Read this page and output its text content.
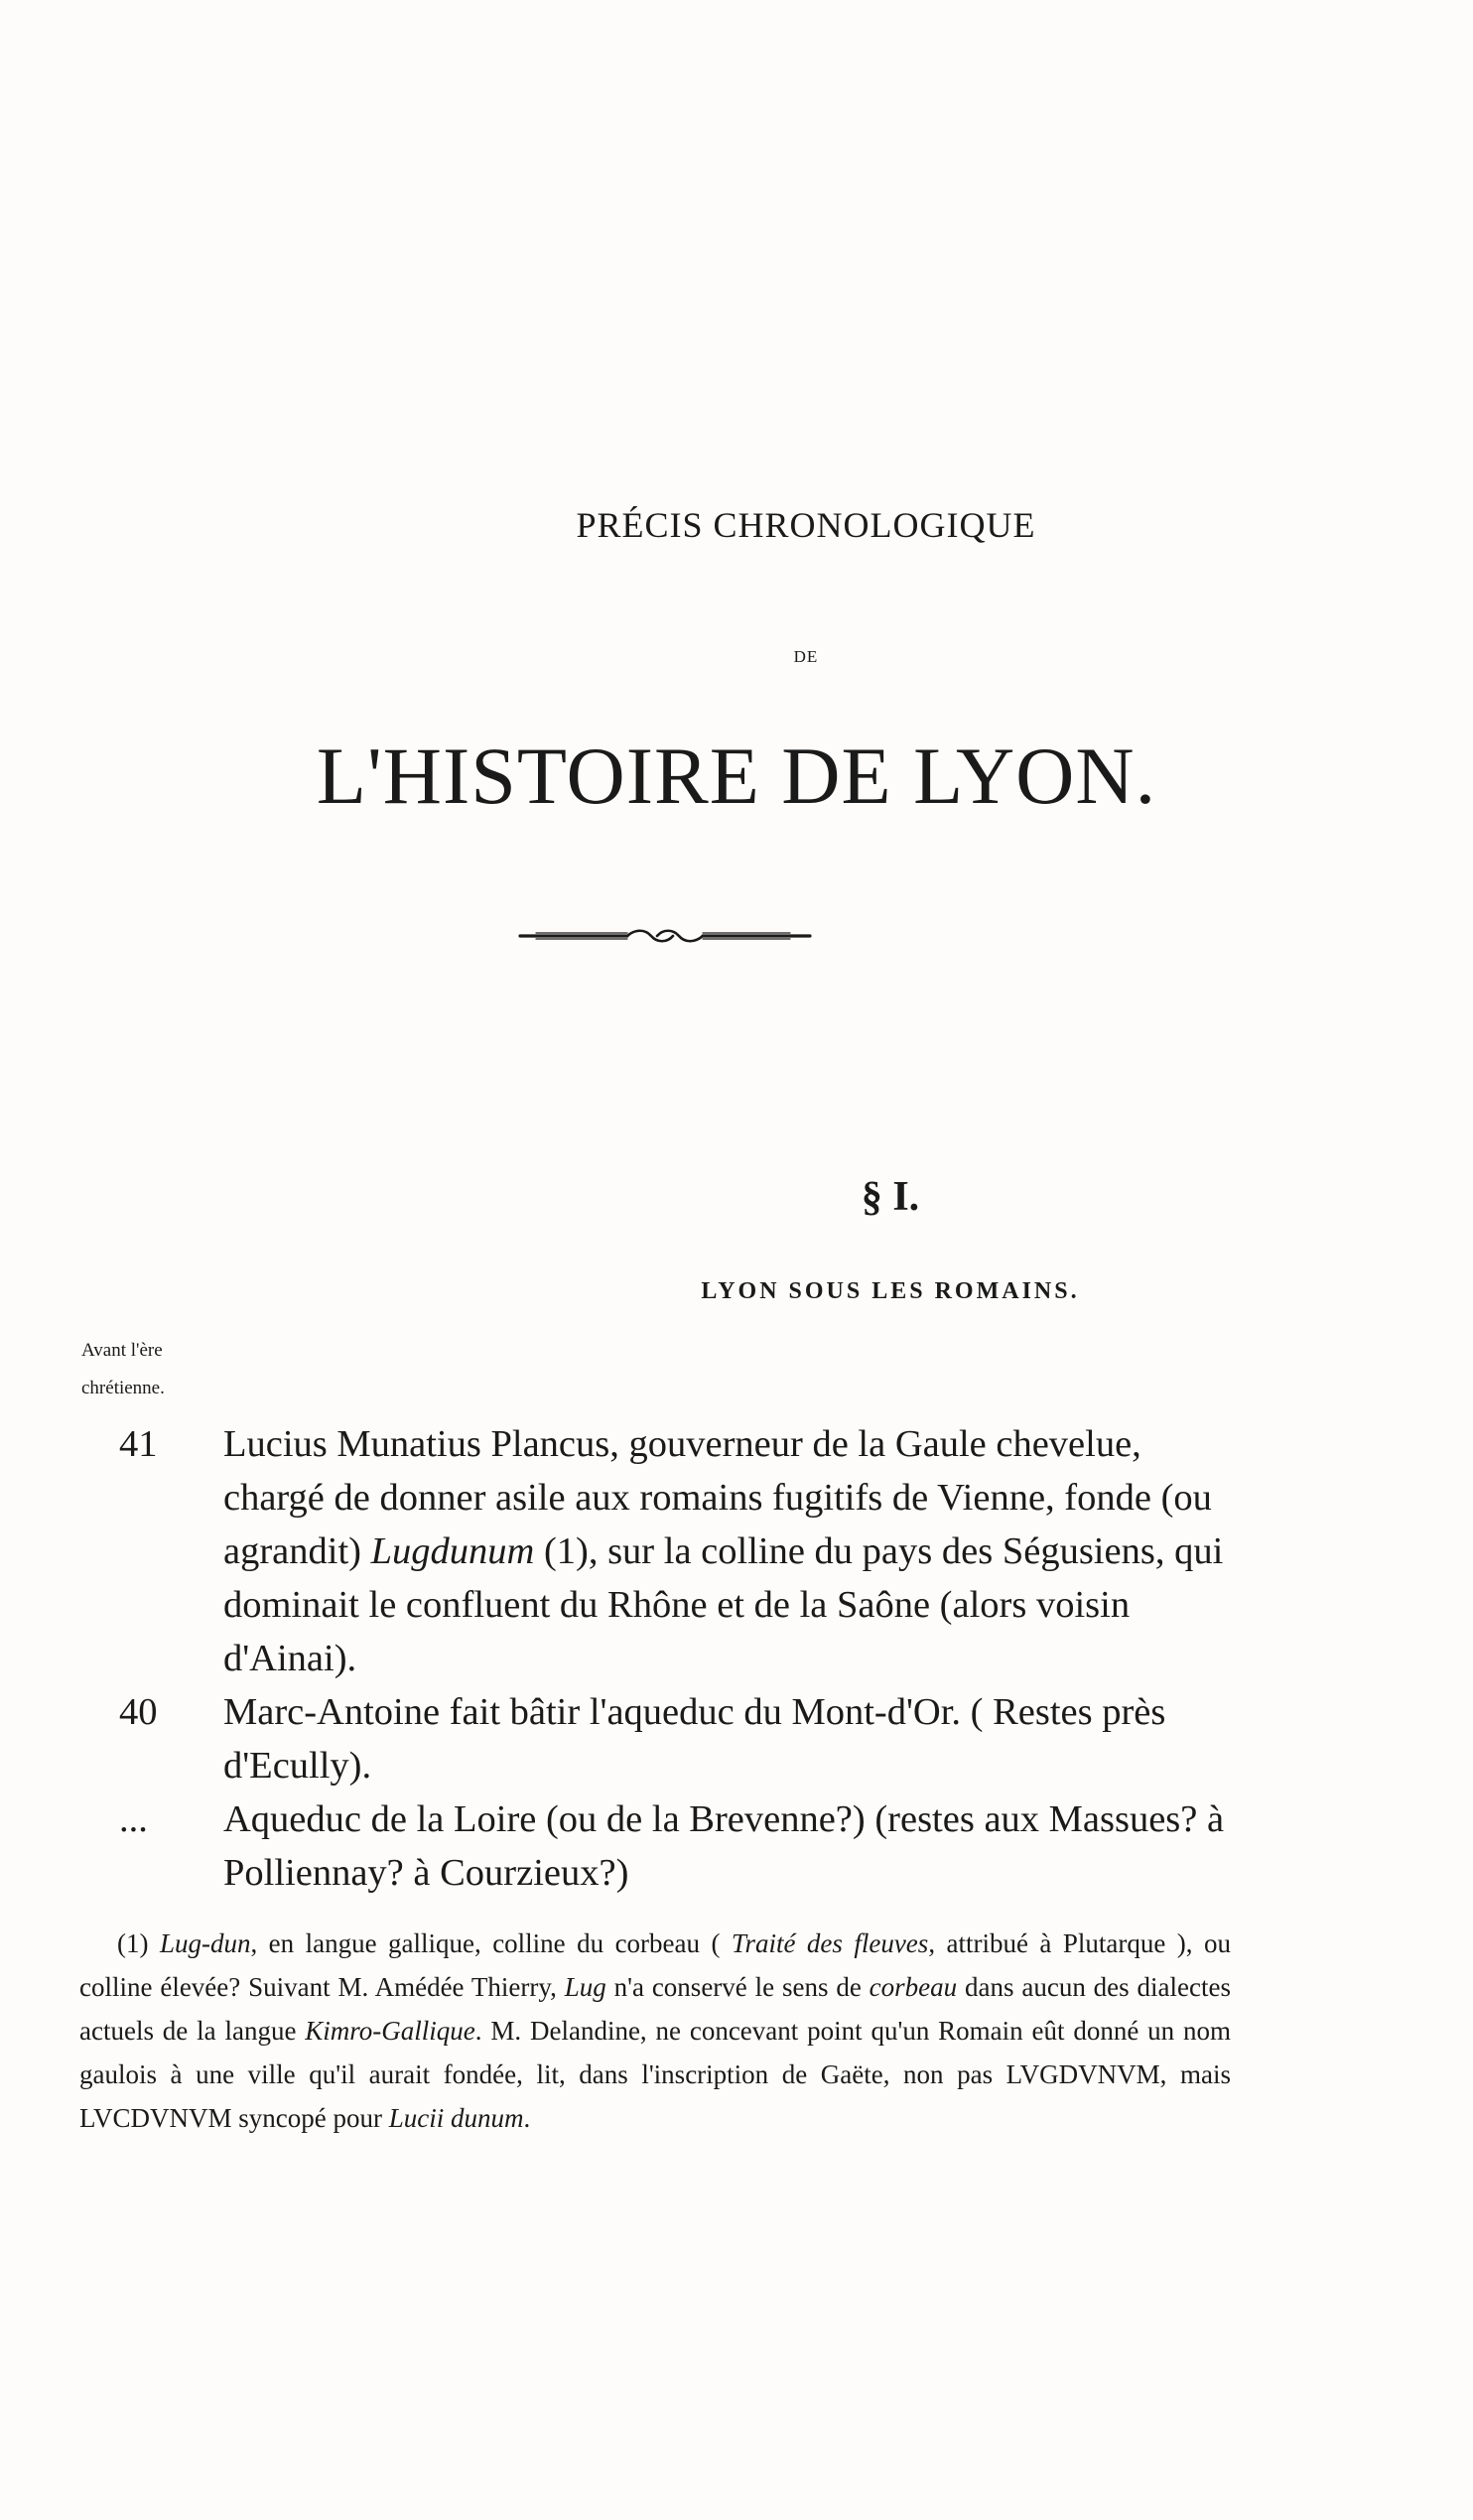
PRÉCIS CHRONOLOGIQUE
DE
L'HISTOIRE DE LYON.
§ I.
LYON SOUS LES ROMAINS.
Avant l'ère
chrétienne.
41	Lucius Munatius Plancus, gouverneur de la Gaule chevelue, chargé de donner asile aux romains fugitifs de Vienne, fonde (ou agrandit) Lugdunum (1), sur la colline du pays des Ségusiens, qui dominait le confluent du Rhône et de la Saône (alors voisin d'Ainai).
40	Marc-Antoine fait bâtir l'aqueduc du Mont-d'Or. ( Restes près d'Ecully).
...	Aqueduc de la Loire (ou de la Brevenne?) (restes aux Massues? à Polliennay? à Courzieux?)

(1) Lug-dun, en langue gallique, colline du corbeau ( Traité des fleuves, attribué à Plutarque ), ou colline élevée? Suivant M. Amédée Thierry, Lug n'a conservé le sens de corbeau dans aucun des dialectes actuels de la langue Kimro-Gallique. M. Delandine, ne concevant point qu'un Romain eût donné un nom gaulois à une ville qu'il aurait fondée, lit, dans l'inscription de Gaëte, non pas LVGDVNVM, mais LVCDVNVM syncopé pour Lucii dunum.
